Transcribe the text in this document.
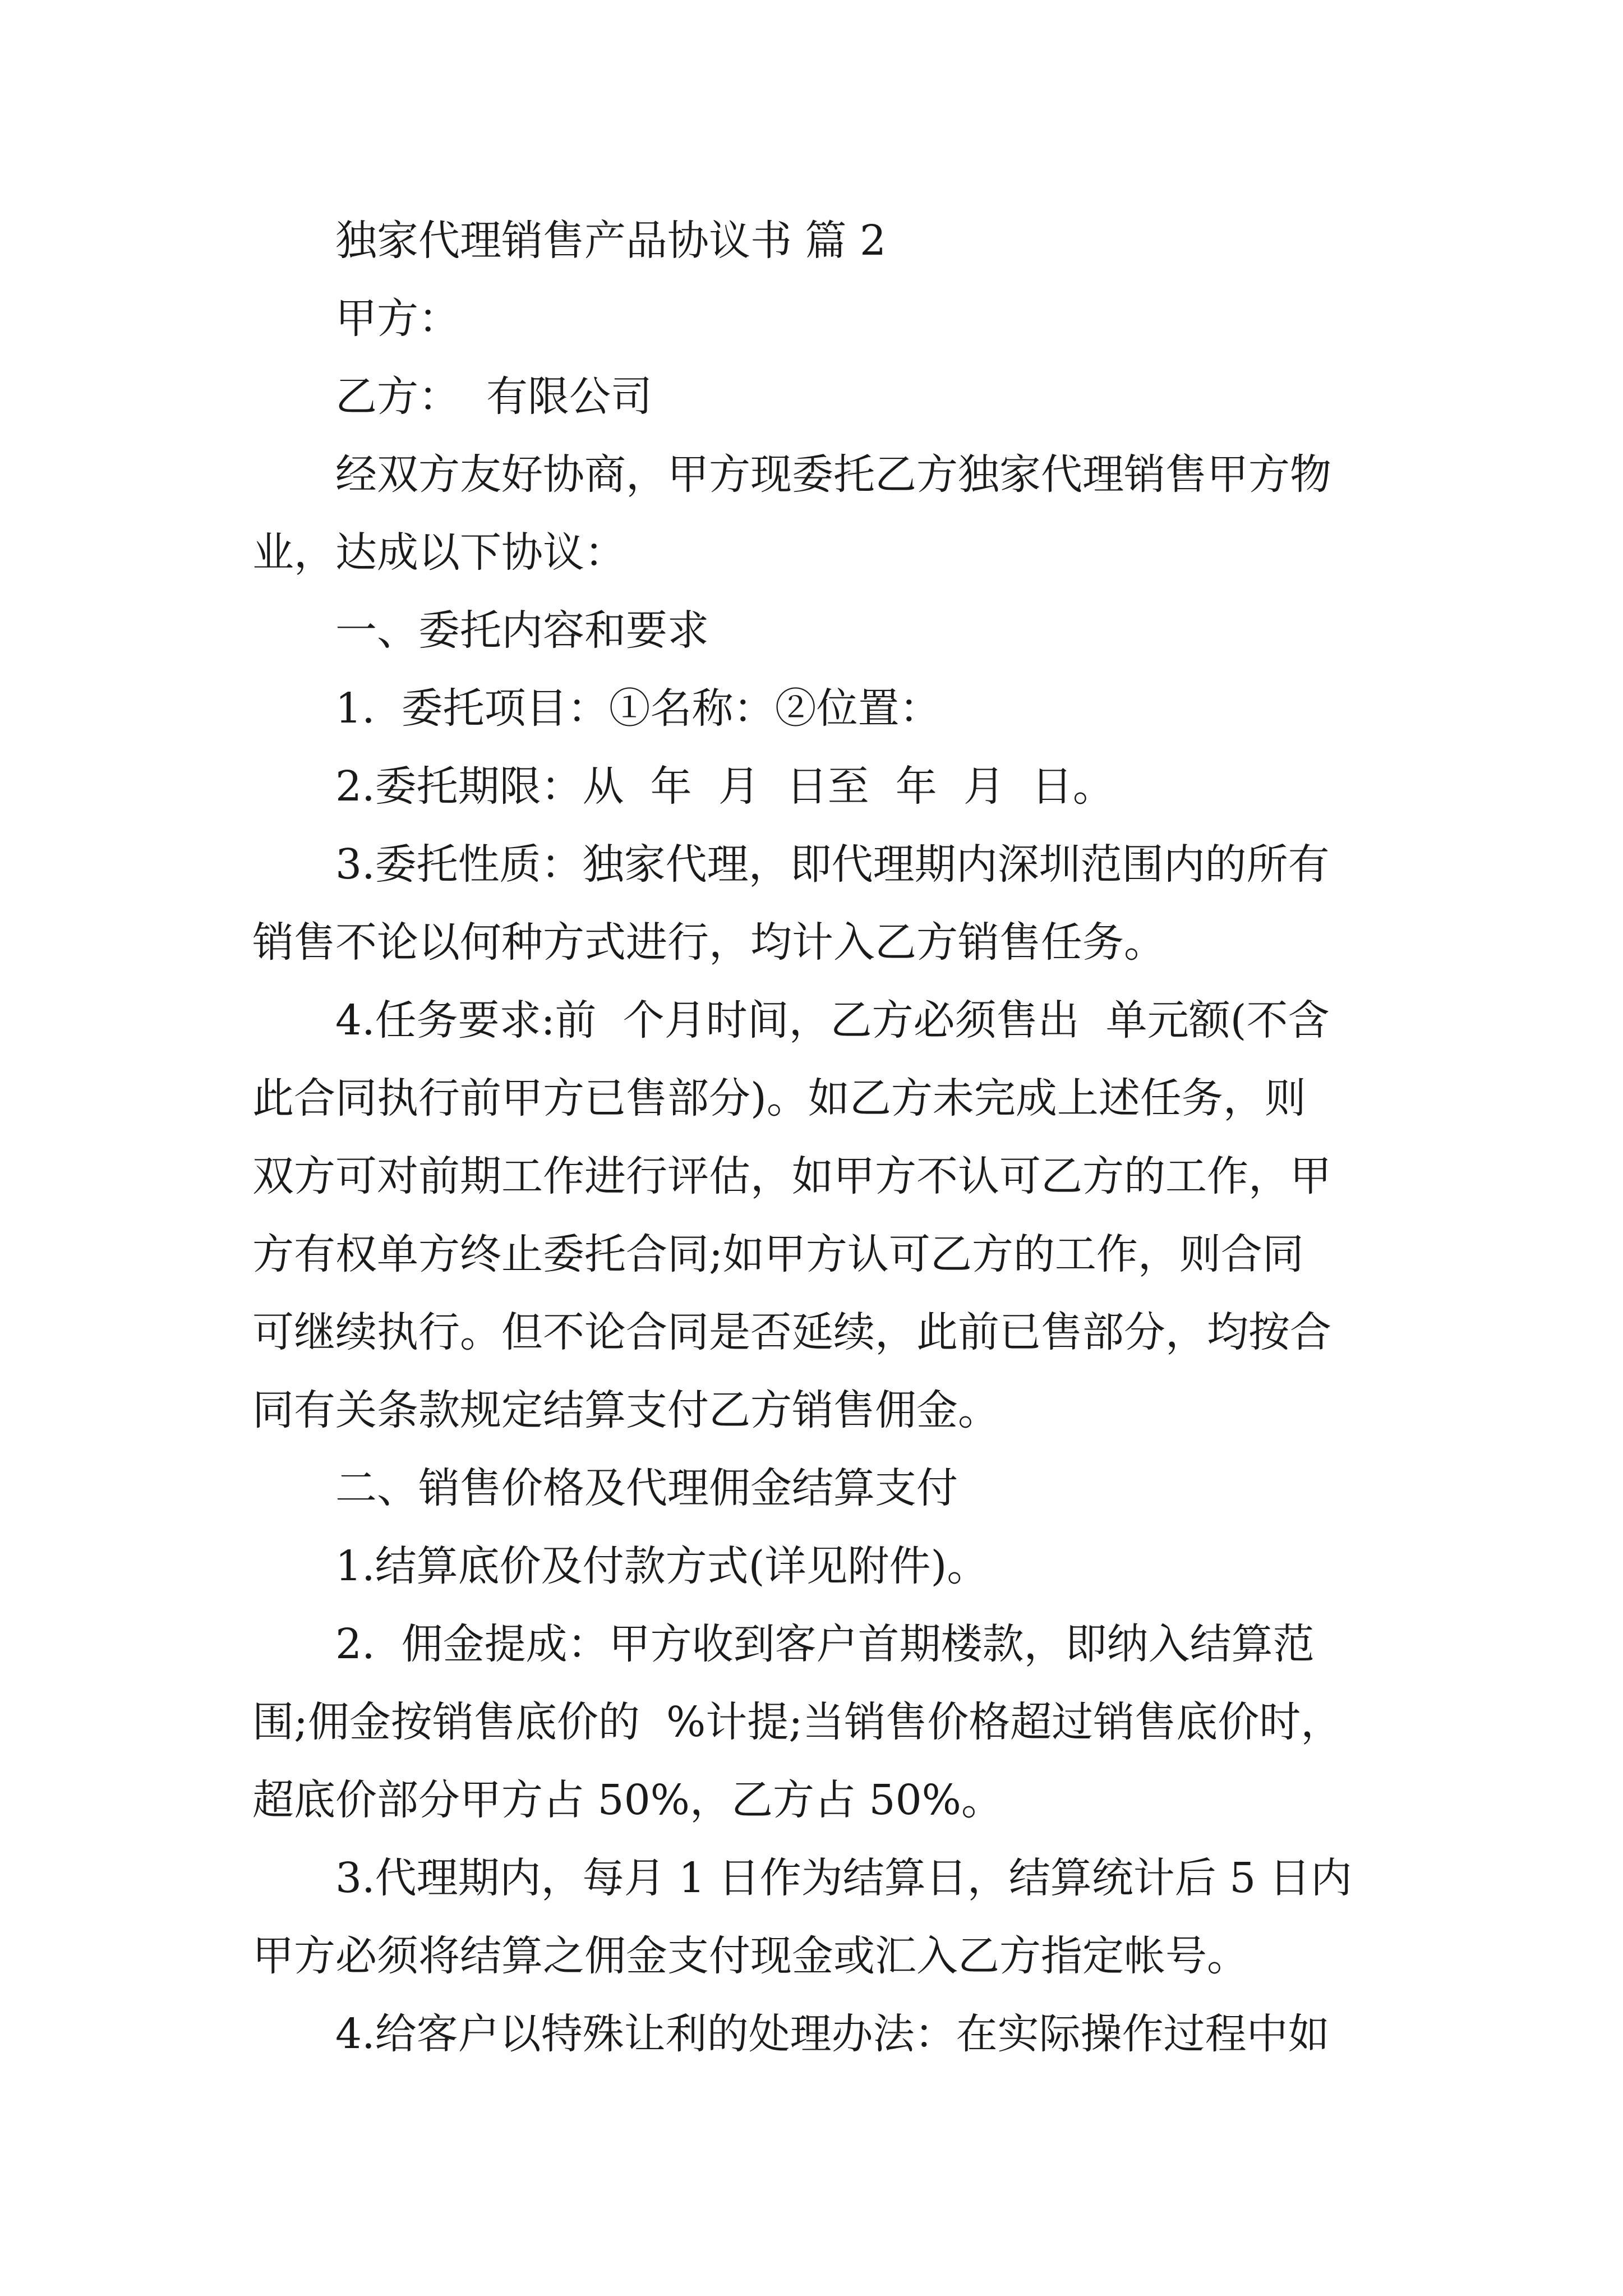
独家代理销售产品协议书 篇 2
甲方：
乙方：  有限公司
经双方友好协商，甲方现委托乙方独家代理销售甲方物
业，达成以下协议：
一、委托内容和要求
1.  委托项目：①名称：②位置：
2.委托期限：从  年  月  日至  年  月  日。
3.委托性质：独家代理，即代理期内深圳范围内的所有
销售不论以何种方式进行，均计入乙方销售任务。
4.任务要求:前  个月时间，乙方必须售出  单元额(不含
此合同执行前甲方已售部分)。如乙方未完成上述任务，则
双方可对前期工作进行评估，如甲方不认可乙方的工作，甲
方有权单方终止委托合同;如甲方认可乙方的工作，则合同
可继续执行。但不论合同是否延续，此前已售部分，均按合
同有关条款规定结算支付乙方销售佣金。
二、销售价格及代理佣金结算支付
1.结算底价及付款方式(详见附件)。
2.  佣金提成：甲方收到客户首期楼款，即纳入结算范
围;佣金按销售底价的  %计提;当销售价格超过销售底价时，
超底价部分甲方占 50%，乙方占 50%。
3.代理期内，每月 1 日作为结算日，结算统计后 5 日内
甲方必须将结算之佣金支付现金或汇入乙方指定帐号。
4.给客户以特殊让利的处理办法：在实际操作过程中如
